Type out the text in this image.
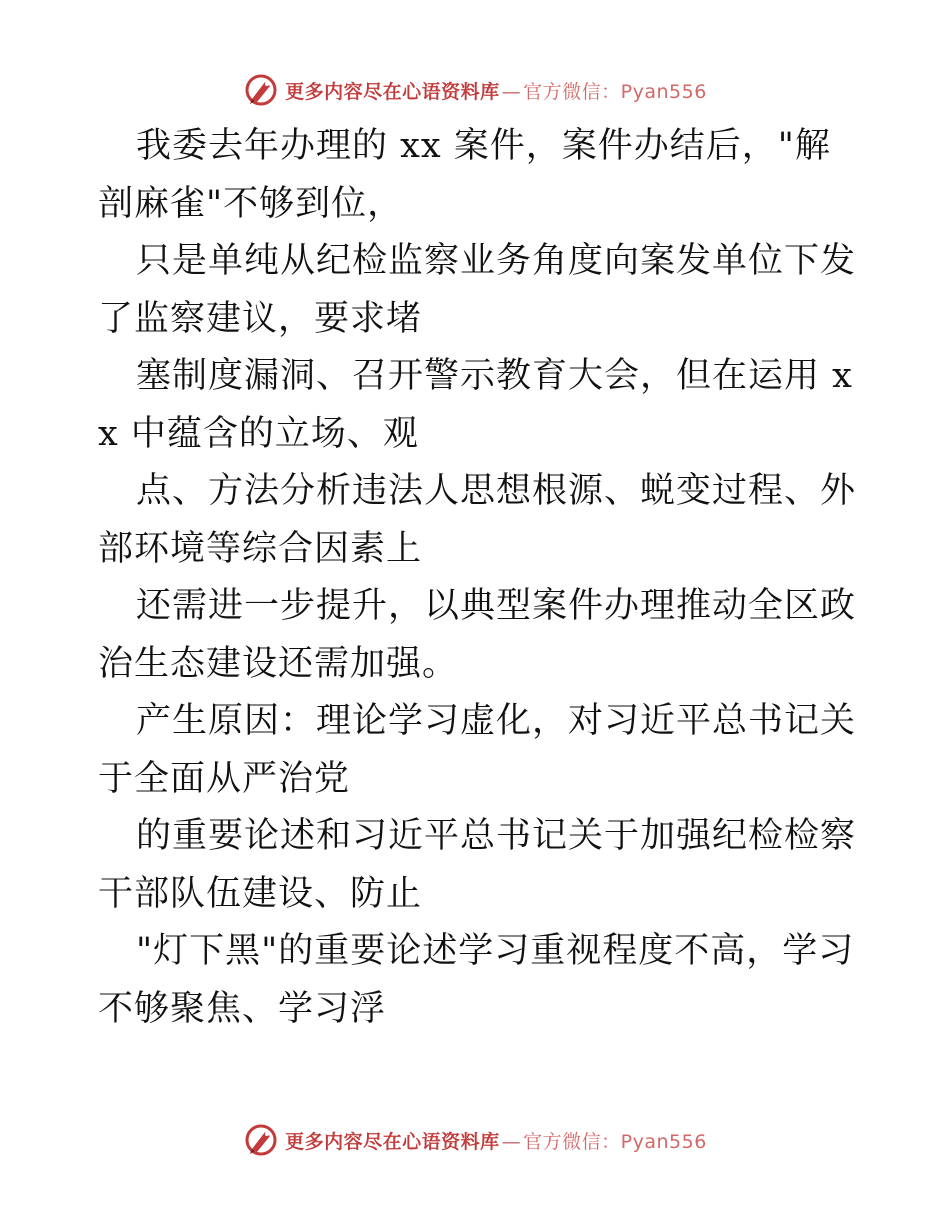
更多内容尽在心语资料库 — 官方微信：Pyan556

我委去年办理的 xx 案件，案件办结后，"解剖麻雀"不够到位，

只是单纯从纪检监察业务角度向案发单位下发了监察建议，要求堵

塞制度漏洞、召开警示教育大会，但在运用 xx 中蕴含的立场、观

点、方法分析违法人思想根源、蜕变过程、外部环境等综合因素上

还需进一步提升，以典型案件办理推动全区政治生态建设还需加强。

产生原因：理论学习虚化，对习近平总书记关于全面从严治党

的重要论述和习近平总书记关于加强纪检检察干部队伍建设、防止

"灯下黑"的重要论述学习重视程度不高，学习不够聚焦、学习浮

更多内容尽在心语资料库 — 官方微信：Pyan556
